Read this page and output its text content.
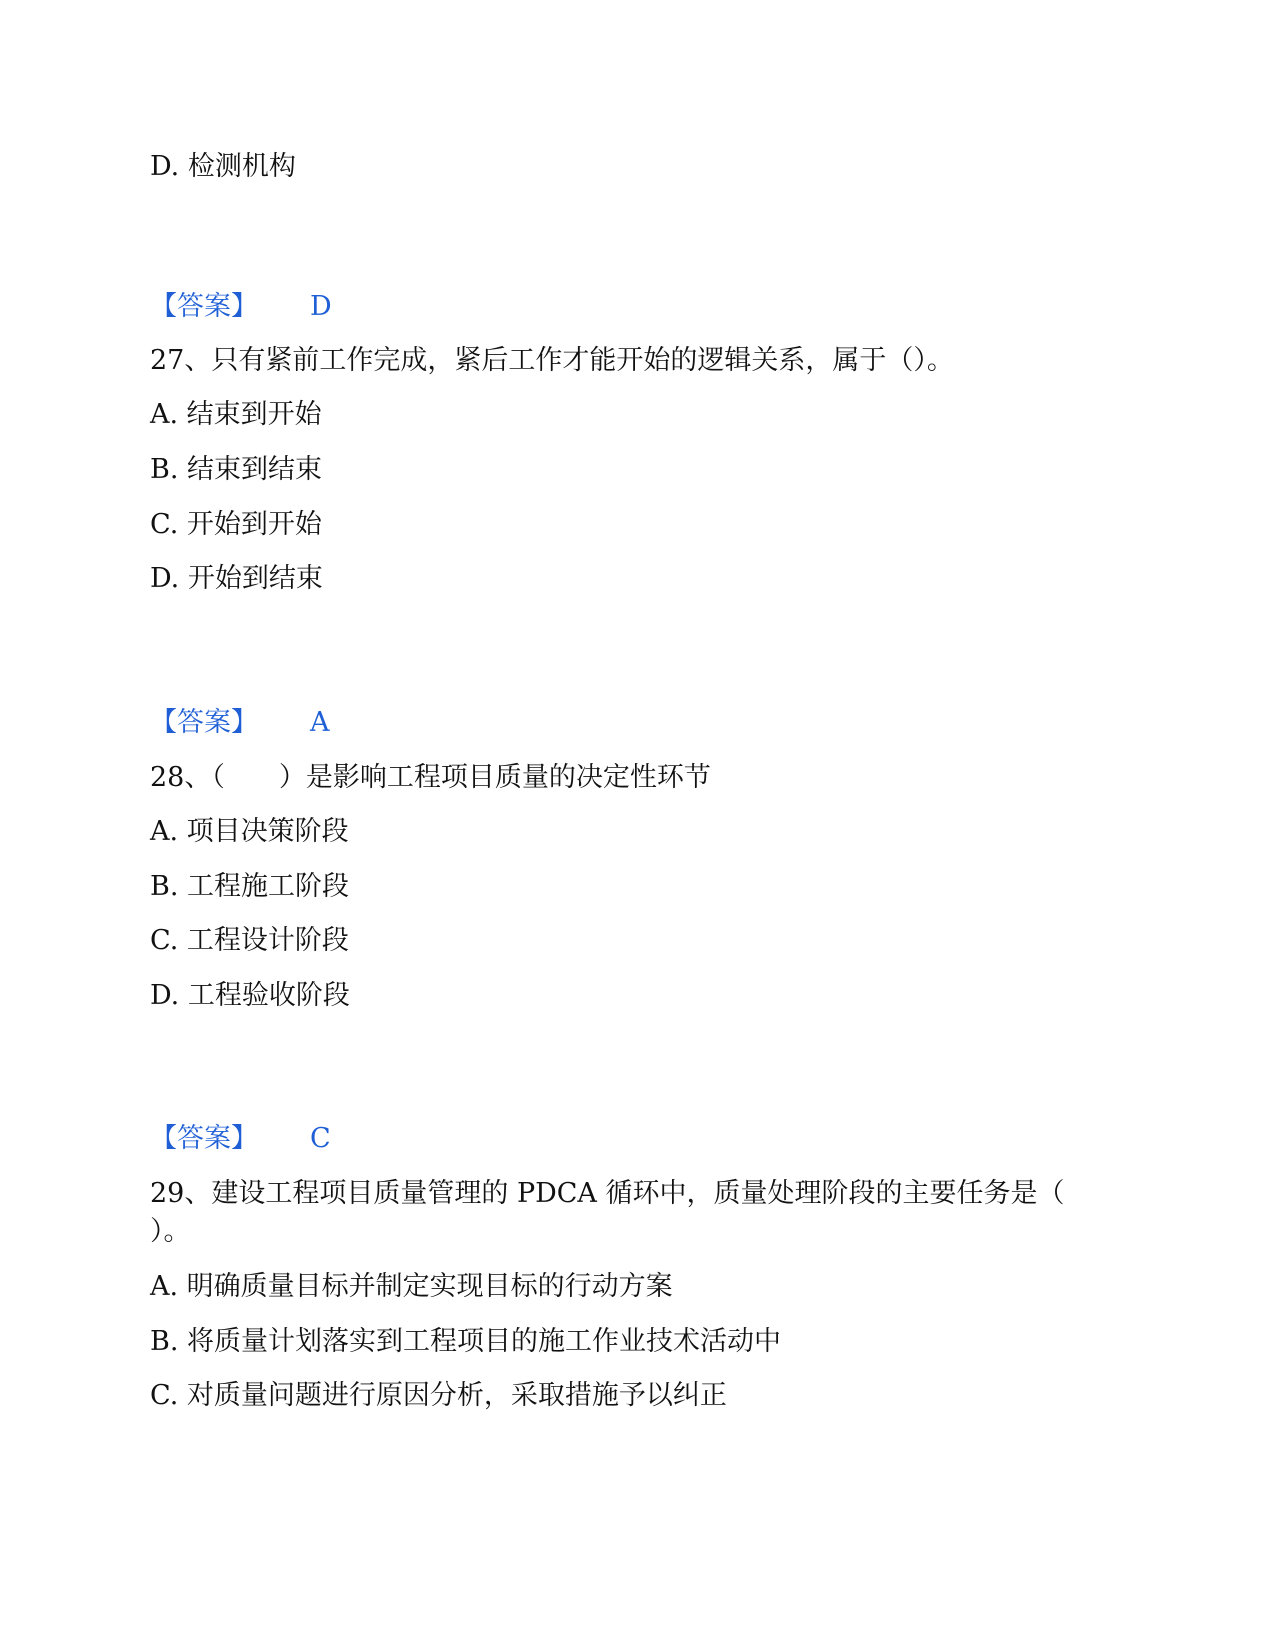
D. 检测机构
【答案】 D
27、只有紧前工作完成，紧后工作才能开始的逻辑关系，属于（）。
A. 结束到开始
B. 结束到结束
C. 开始到开始
D. 开始到结束
【答案】 A
28、（　　）是影响工程项目质量的决定性环节
A. 项目决策阶段
B. 工程施工阶段
C. 工程设计阶段
D. 工程验收阶段
【答案】 C
29、建设工程项目质量管理的 PDCA 循环中，质量处理阶段的主要任务是（
）。
A. 明确质量目标并制定实现目标的行动方案
B. 将质量计划落实到工程项目的施工作业技术活动中
C. 对质量问题进行原因分析，采取措施予以纠正
